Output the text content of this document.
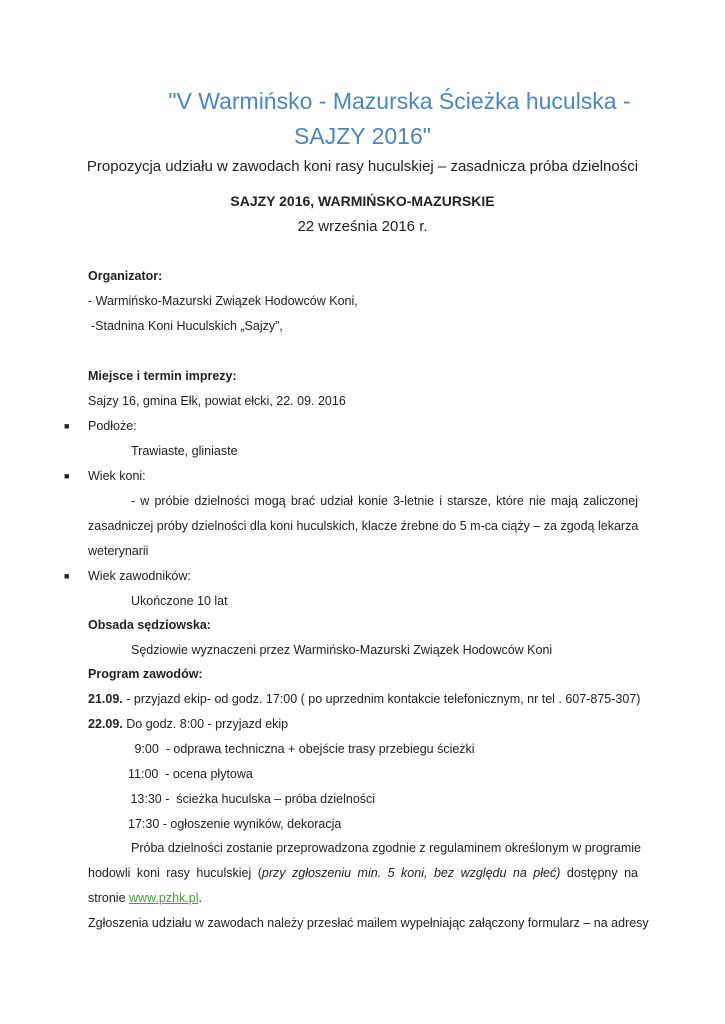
"V Warmińsko - Mazurska Ścieżka huculska -
SAJZY 2016"
Propozycja udziału w zawodach koni rasy huculskiej – zasadnicza próba dzielności
SAJZY 2016, WARMIŃSKO-MAZURSKIE
22 września 2016 r.
Organizator:
- Warmińsko-Mazurski Związek Hodowców Koni,
-Stadnina Koni Huculskich „Sajzy”,
Miejsce i termin imprezy:
Sajzy 16, gmina Ełk, powiat ełcki, 22. 09. 2016
■ Podłoże:
Trawiaste, gliniaste
■ Wiek koni:
- w próbie dzielności mogą brać udział konie 3-letnie i starsze, które nie mają zaliczonej
zasadniczej próby dzielności dla koni huculskich, klacze źrebne do 5 m-ca ciąży – za zgodą lekarza
weterynarii
■ Wiek zawodników:
Ukończone 10 lat
Obsada sędziowska:
Sędziowie wyznaczeni przez Warmińsko-Mazurski Związek Hodowców Koni
Program zawodów:
21.09. - przyjazd ekip- od godz. 17:00 ( po uprzednim kontakcie telefonicznym, nr tel . 607-875-307)
22.09. Do godz. 8:00 - przyjazd ekip
9:00  - odprawa techniczna + obejście trasy przebiegu ścieżki
11:00  - ocena płytowa
13:30 -  ścieżka huculska – próba dzielności
17:30 - ogłoszenie wyników, dekoracja
Próba dzielności zostanie przeprowadzona zgodnie z regulaminem określonym w programie
hodowli koni rasy huculskiej (przy zgłoszeniu min. 5 koni, bez względu na płeć) dostępny na
stronie www.pzhk.pl.
Zgłoszenia udziału w zawodach należy przesłać mailem wypełniając załączony formularz – na adresy
